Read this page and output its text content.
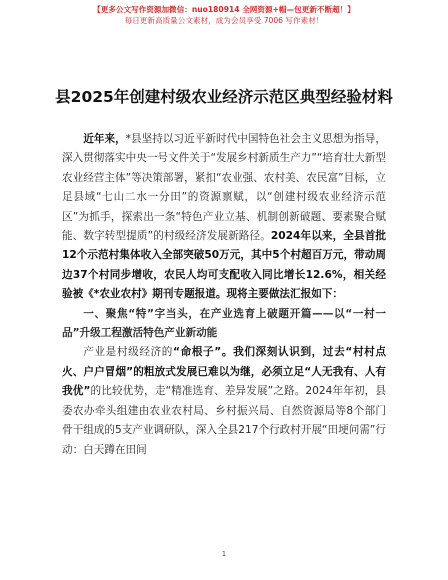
【更多公文写作资源加微信：nuo180914 全网资源+帽—包更新不断超！】
每日更新高质量公文素材，成为会员享受 7006 写作素材！
县2025年创建村级农业经济示范区典型经验材料

近年来，*县坚持以习近平新时代中国特色社会主义思想为指导，深入贯彻落实中央一号文件关于“发展乡村新质生产力”“培育壮大新型农业经营主体”等决策部署，紧扣“农业强、农村美、农民富”目标，立足县域“七山二水一分田”的资源禀赋，以“创建村级农业经济示范区”为抓手，探索出一条“特色产业立基、机制创新破题、要素聚合赋能、数字转型提质”的村级经济发展新路径。2024年以来，全县首批12个示范村集体收入全部突破50万元，其中5个村超百万元，带动周边37个村同步增收，农民人均可支配收入同比增长12.6%，相关经验被《*农业农村》期刊专题报道。现将主要做法汇报如下：

一、聚焦“特”字当头，在产业选育上破题开篇——以“一村一品”升级工程激活特色产业新动能

产业是村级经济的“命根子”。我们深刻认识到，过去“村村点火、户户冒烟”的粗放式发展已难以为继，必须立足“人无我有、人有我优”的比较优势，走“精准选育、差异发展”之路。2024年年初，县委农办牵头组建由农业农村局、乡村振兴局、自然资源局等8个部门骨干组成的5支产业调研队，深入全县217个行政村开展“田埂问需”行动：白天蹲在田间

1
